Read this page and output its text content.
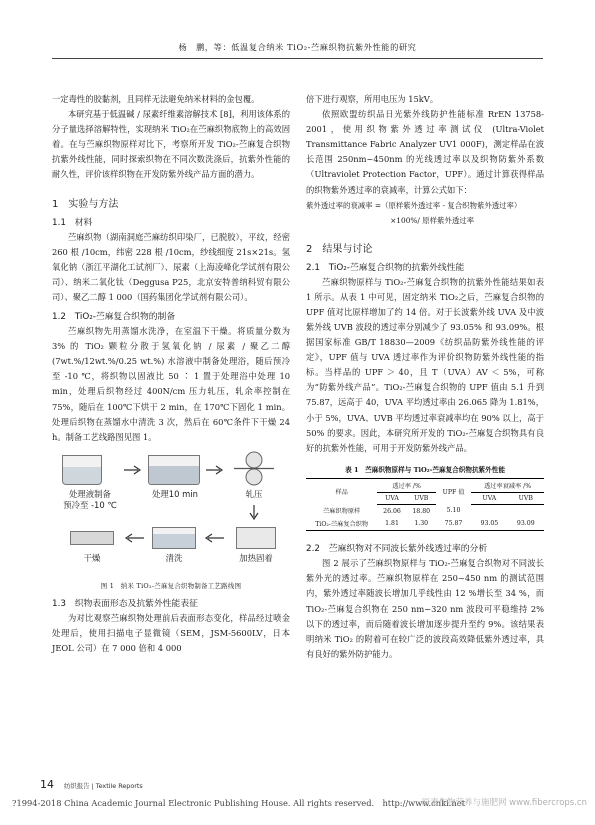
杨　鹏，等：低温复合纳米 TiO₂-苎麻织物抗紫外性能的研究

一定毒性的胶黏剂，且同样无法避免纳米材料的金包覆。

本研究基于低温碱 / 尿素纤维素溶解技术 [8]，利用该体系的分子量选择溶解特性，实现纳米 TiO₂在苎麻织物底物上的高效固着。在与苎麻织物原样对比下，考察所开发 TiO₂-苎麻复合织物抗紫外线性能，同时探索织物在不同次数洗涤后，抗紫外性能的耐久性，评价该样织物在开发防紫外线产品方面的潜力。

1　实验与方法
1.1　材料

苎麻织物（湖南洞庭苎麻纺织印染厂，已脱胶），平纹，经密 260 根 /10cm，纬密 228 根 /10cm，纱线细度 21s×21s。氢氧化钠（浙江平湖化工试剂厂）、尿素（上海凌峰化学试剂有限公司）、纳米二氧化钛（Deggusa P25，北京安特普纳科贸有限公司）、聚乙二醇 1 000（国药集团化学试剂有限公司）。

1.2　TiO₂-苎麻复合织物的制备

苎麻织物先用蒸馏水洗净，在室温下干燥。将质量分数为 3% 的 TiO₂ 颗粒分散于氢氧化钠 / 尿素 / 聚乙二醇 (7wt.%/12wt.%/0.25 wt.%) 水溶液中制备处理浴，随后预冷至 -10 ℃，将织物以固液比 50 ∶ 1 置于处理浴中处理 10 min，处理后织物经过 400N/cm 压力轧压，轧余率控制在 75%，随后在 100℃下烘干 2 min，在 170℃下固化 1 min。处理后织物在蒸馏水中清洗 3 次，然后在 60℃条件下干燥 24 h。制备工艺线路图见图 1。

处理液制备
预冷至 -10 ℃
处理10 min	轧压
加热固着
清洗
干燥
图 1　纳米 TiO₂-苎麻复合织物制备工艺路线图
1.3　织物表面形态及抗紫外性能表征

为对比观察苎麻织物处理前后表面形态变化，样品经过喷金处理后，使用扫描电子显微镜（SEM，JSM-5600LV，日本 JEOL 公司）在 7 000 倍和 4 000

倍下进行观察，所用电压为 15kV。

依照欧盟纺织品日光紫外线防护性能标准 RrEN 13758-2001，使用织物紫外透过率测试仪 (Ultra-Violet Transmittance Fabric Analyzer UV1 000F)，测定样品在波长范围 250nm~450nm 的光线透过率以及织物防紫外系数（Ultraviolet Protection Factor，UPF）。通过计算获得样品的织物紫外透过率的衰减率，计算公式如下：

紫外透过率的衰减率 =（原样紫外透过率 - 复合织物紫外透过率）
×100%/ 原样紫外透过率
2　结果与讨论
2.1　TiO₂-苎麻复合织物的抗紫外线性能

苎麻织物原样与 TiO₂-苎麻复合织物的抗紫外性能结果如表 1 所示。从表 1 中可见，固定纳米 TiO₂之后，苎麻复合织物的 UPF 值对比原样增加了约 14 倍。对于长波紫外线 UVA 及中波紫外线 UVB 波段的透过率分别减少了 93.05% 和 93.09%。根据国家标准 GB/T 18830—2009《纺织品防紫外线性能的评定》，UPF 值与 UVA 透过率作为评价织物防紫外线性能的指标。当样品的 UPF ＞ 40，且 T（UVA）AV ＜ 5%，可称为“防紫外线产品”。TiO₂-苎麻复合织物的 UPF 值由 5.1 升到 75.87，远高于 40，UVA 平均透过率由 26.065 降为 1.81%，小于 5%，UVA、UVB 平均透过率衰减率均在 90% 以上，高于 50% 的要求。因此，本研究所开发的 TiO₂-苎麻复合织物具有良好的抗紫外性能，可用于开发防紫外线产品。

表 1　苎麻织物原样与 TiO₂-苎麻复合织物抗紫外性能
样品	透过率 /%		UPF 值	透过率衰减率 /%	
	UVA	UVB		UVA	UVB
苎麻织物原样	26.06	18.80	5.10		
TiO₂-苎麻复合织物	1.81	1.30	75.87	93.05	93.09
2.2　苎麻织物对不同波长紫外线透过率的分析

图 2 展示了苎麻织物原样与 TiO₂-苎麻复合织物对不同波长紫外光的透过率。苎麻织物原样在 250~450 nm 的测试范围内，紫外透过率随波长增加几乎线性由 12 %增长至 34 %，而 TiO₂-苎麻复合织物在 250 nm~320 nm 波段可平稳维持 2% 以下的透过率，而后随着波长增加逐步提升至约 9%。该结果表明纳米 TiO₂ 的附着可在较广泛的波段高效降低紫外透过率，具有良好的紫外防护能力。

14 纺织报告 | Textile Reports
?1994-2018 China Academic Journal Electronic Publishing House. All rights reserved.　http://www.cnki.net
原素作物营养与施肥网 www.fibercrops.cn
